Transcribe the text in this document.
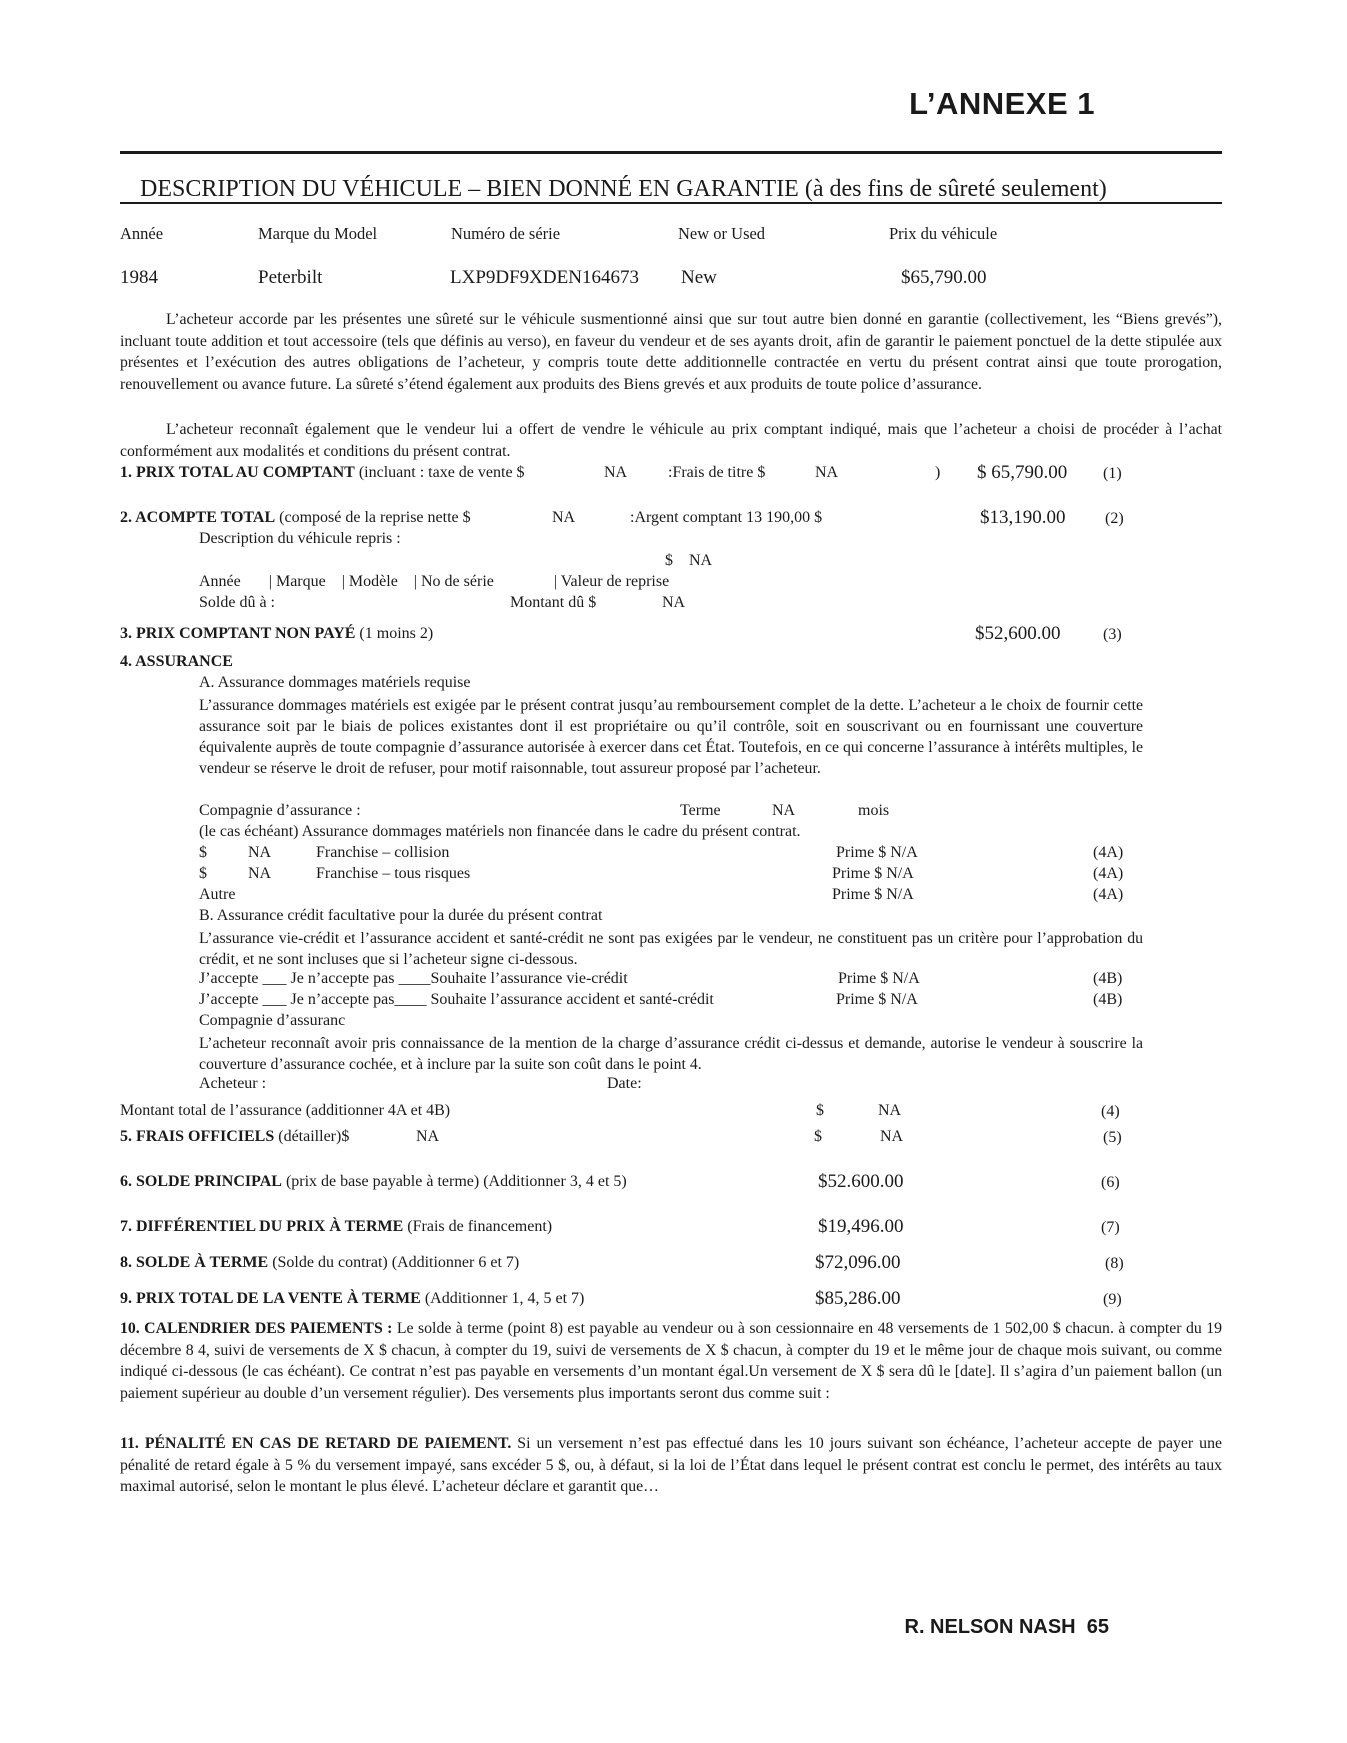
L’ANNEXE 1
DESCRIPTION DU VÉHICULE – BIEN DONNÉ EN GARANTIE (à des fins de sûreté seulement)
Année	Marque du Model	Numéro de série	New or Used	Prix du véhicule
1984	Peterbilt	LXP9DF9XDEN164673 New	$65,790.00
L’acheteur accorde par les présentes une sûreté sur le véhicule susmentionné ainsi que sur tout autre bien donné en garantie (collectivement, les “Biens grevés”), incluant toute addition et tout accessoire (tels que définis au verso), en faveur du vendeur et de ses ayants droit, afin de garantir le paiement ponctuel de la dette stipulée aux présentes et l’exécution des autres obligations de l’acheteur, y compris toute dette additionnelle contractée en vertu du présent contrat ainsi que toute prorogation, renouvellement ou avance future. La sûreté s’étend également aux produits des Biens grevés et aux produits de toute police d’assurance.
L’acheteur reconnaît également que le vendeur lui a offert de vendre le véhicule au prix comptant indiqué, mais que l’acheteur a choisi de procéder à l’achat conformément aux modalités et conditions du présent contrat.
1. PRIX TOTAL AU COMPTANT (incluant : taxe de vente $	NA	:Frais de titre $	NA	) $ 65,790.00 (1)
2. ACOMPTE TOTAL (composé de la reprise nette $	NA	:Argent comptant 13 190,00 $	$13,190.00 (2)
Description du véhicule repris :
$    NA
Année       | Marque    | Modèle    | No de série               | Valeur de reprise
Solde dû à :	Montant dû $	NA
3. PRIX COMPTANT NON PAYÉ (1 moins 2)	$52,600.00	(3)
4. ASSURANCE
A. Assurance dommages matériels requise
L’assurance dommages matériels est exigée par le présent contrat jusqu’au remboursement complet de la dette. L’acheteur a le choix de fournir cette assurance soit par le biais de polices existantes dont il est propriétaire ou qu’il contrôle, soit en souscrivant ou en fournissant une couverture équivalente auprès de toute compagnie d’assurance autorisée à exercer dans cet État. Toutefois, en ce qui concerne l’assurance à intérêts multiples, le vendeur se réserve le droit de refuser, pour motif raisonnable, tout assureur proposé par l’acheteur.
Compagnie d’assurance :	Terme	NA	mois
(le cas échéant) Assurance dommages matériels non financée dans le cadre du présent contrat.
$	NA	Franchise – collision	Prime $ N/A	(4A)
$	NA	Franchise – tous risques	Prime $ N/A	(4A)
Autre	Prime $ N/A	(4A)
B. Assurance crédit facultative pour la durée du présent contrat
L’assurance vie-crédit et l’assurance accident et santé-crédit ne sont pas exigées par le vendeur, ne constituent pas un critère pour l’approbation du crédit, et ne sont incluses que si l’acheteur signe ci-dessous.
J’accepte ___ Je n’accepte pas ____Souhaite l’assurance vie-crédit	Prime $ N/A	(4B)
J’accepte ___ Je n’accepte pas____ Souhaite l’assurance accident et santé-crédit	Prime $ N/A	(4B)
Compagnie d’assuranc
L’acheteur reconnaît avoir pris connaissance de la mention de la charge d’assurance crédit ci-dessus et demande, autorise le vendeur à souscrire la couverture d’assurance cochée, et à inclure par la suite son coût dans le point 4.
Acheteur :	Date:
Montant total de l’assurance (additionner 4A et 4B)	$	NA	(4)
5. FRAIS OFFICIELS (détailler)$	NA	$	NA	(5)
6. SOLDE PRINCIPAL (prix de base payable à terme) (Additionner 3, 4 et 5)	$52.600.00	(6)
7. DIFFÉRENTIEL DU PRIX À TERME (Frais de financement)	$19,496.00	(7)
8. SOLDE À TERME (Solde du contrat) (Additionner 6 et 7)	$72,096.00	(8)
9. PRIX TOTAL DE LA VENTE À TERME (Additionner 1, 4, 5 et 7)	$85,286.00	(9)
10. CALENDRIER DES PAIEMENTS : Le solde à terme (point 8) est payable au vendeur ou à son cessionnaire en 48 versements de 1 502,00 $ chacun. à compter du 19 décembre 8 4, suivi de versements de X $ chacun, à compter du 19, suivi de versements de X $ chacun, à compter du 19 et le même jour de chaque mois suivant, ou comme indiqué ci-dessous (le cas échéant). Ce contrat n’est pas payable en versements d’un montant égal.Un versement de X $ sera dû le [date]. Il s’agira d’un paiement ballon (un paiement supérieur au double d’un versement régulier). Des versements plus importants seront dus comme suit :
11. PÉNALITÉ EN CAS DE RETARD DE PAIEMENT. Si un versement n’est pas effectué dans les 10 jours suivant son échéance, l’acheteur accepte de payer une pénalité de retard égale à 5 % du versement impayé, sans excéder 5 $, ou, à défaut, si la loi de l’État dans lequel le présent contrat est conclu le permet, des intérêts au taux maximal autorisé, selon le montant le plus élevé. L’acheteur déclare et garantit que…
R. NELSON NASH 65
